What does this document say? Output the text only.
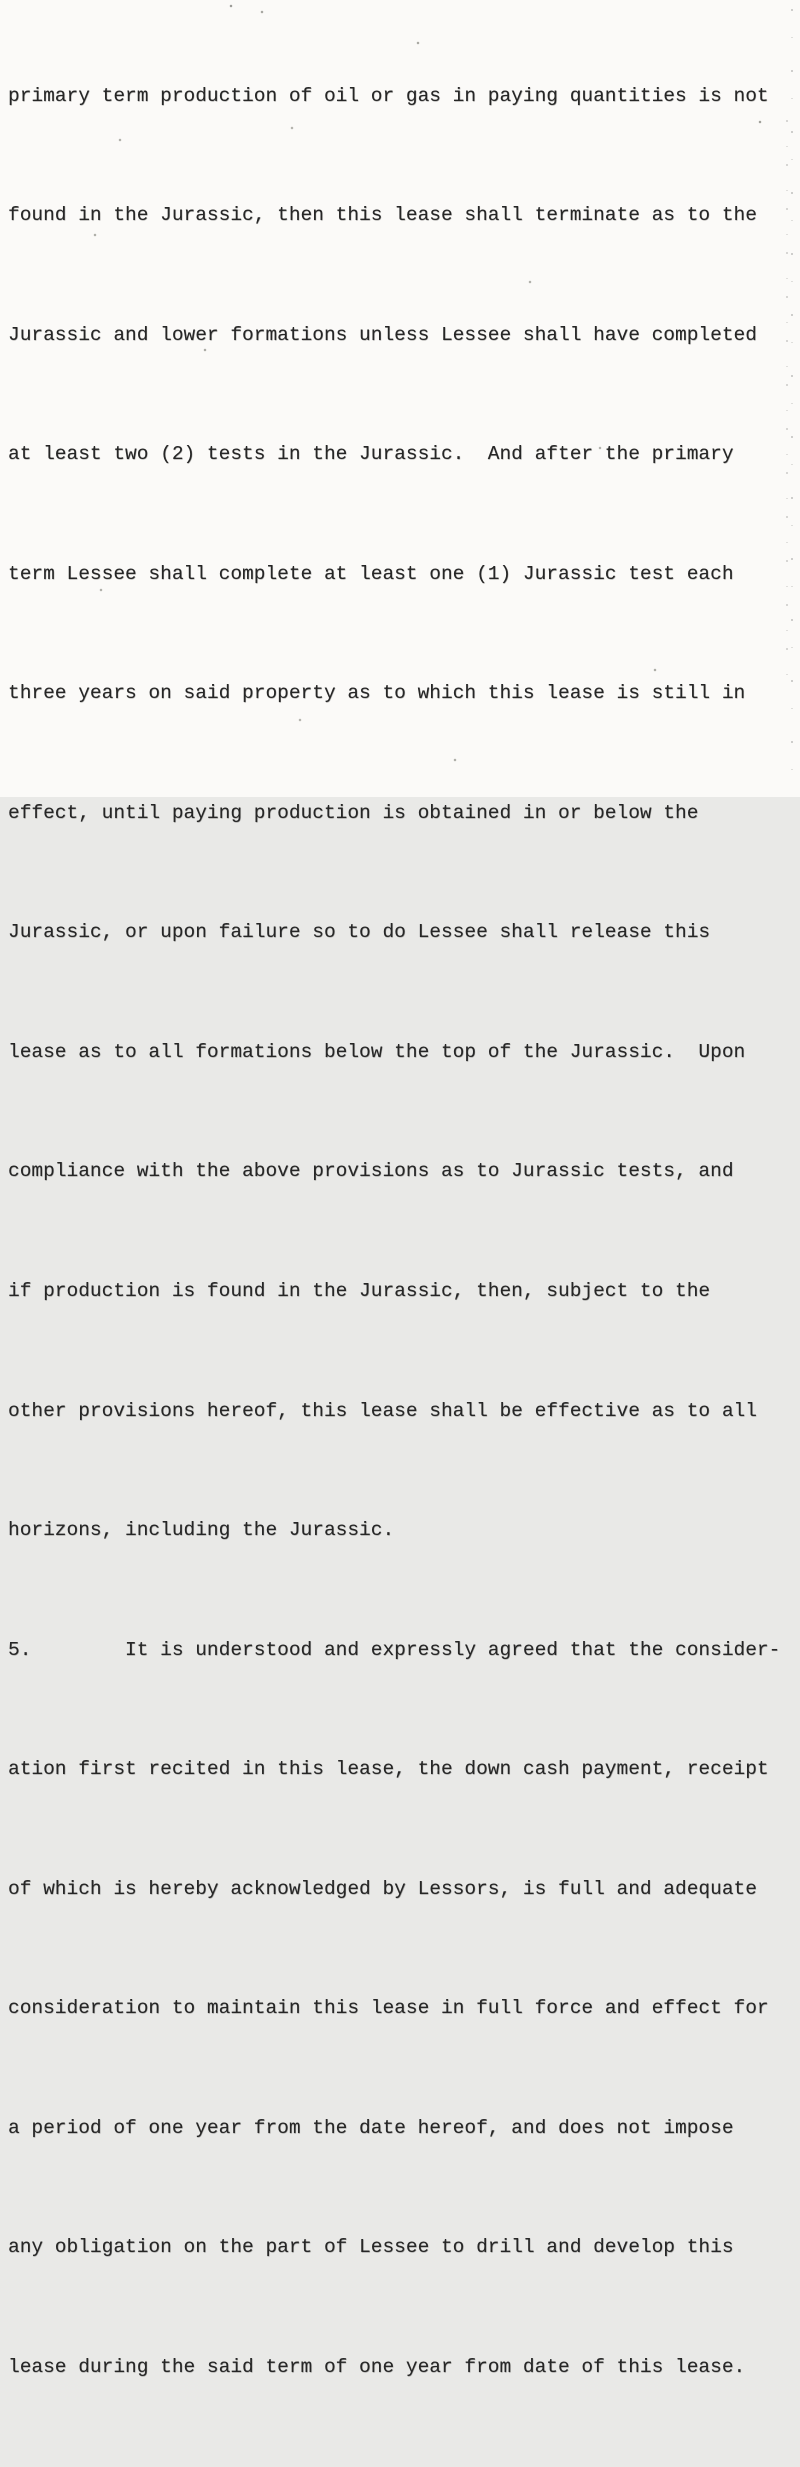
primary term production of oil or gas in paying quantities is not

found in the Jurassic, then this lease shall terminate as to the

Jurassic and lower formations unless Lessee shall have completed

at least two (2) tests in the Jurassic.  And after the primary

term Lessee shall complete at least one (1) Jurassic test each

three years on said property as to which this lease is still in

effect, until paying production is obtained in or below the

Jurassic, or upon failure so to do Lessee shall release this

lease as to all formations below the top of the Jurassic.  Upon

compliance with the above provisions as to Jurassic tests, and

if production is found in the Jurassic, then, subject to the

other provisions hereof, this lease shall be effective as to all

horizons, including the Jurassic.

5.        It is understood and expressly agreed that the consider-

ation first recited in this lease, the down cash payment, receipt

of which is hereby acknowledged by Lessors, is full and adequate

consideration to maintain this lease in full force and effect for

a period of one year from the date hereof, and does not impose

any obligation on the part of Lessee to drill and develop this

lease during the said term of one year from date of this lease.
